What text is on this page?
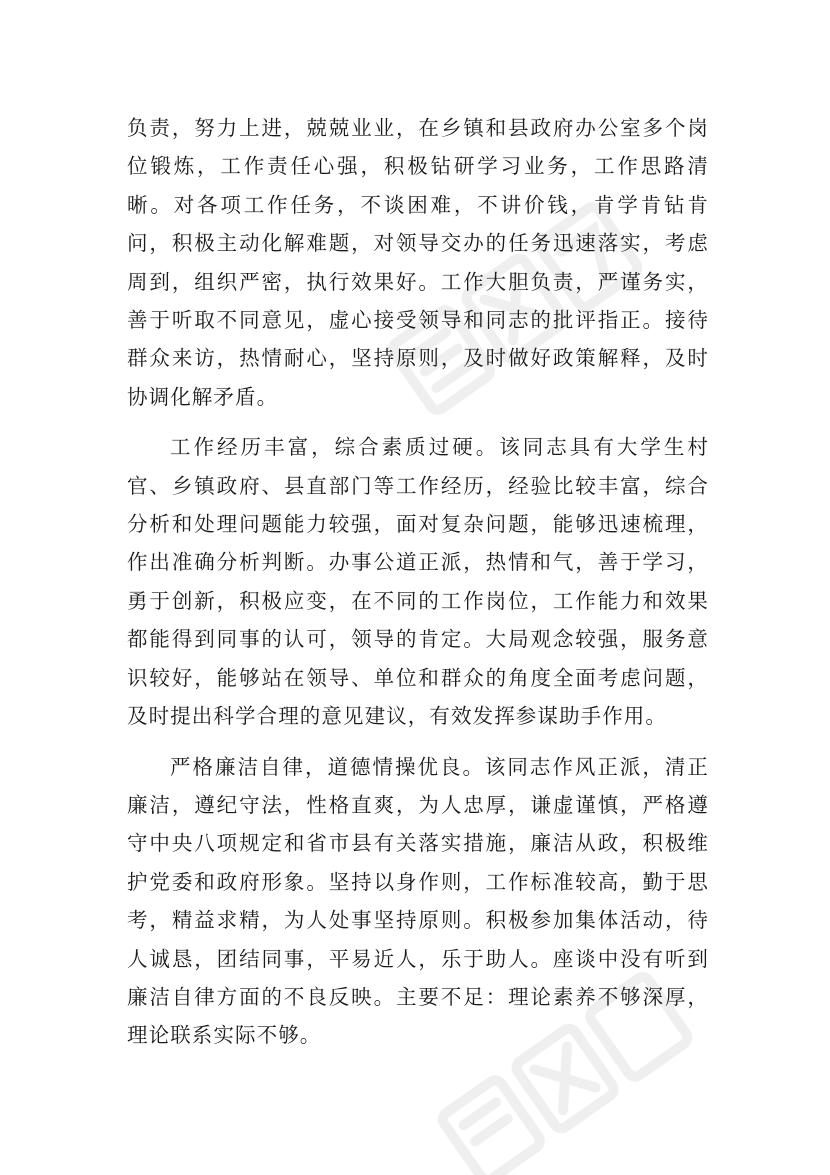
负责，努力上进，兢兢业业，在乡镇和县政府办公室多个岗位锻炼，工作责任心强，积极钻研学习业务，工作思路清晰。对各项工作任务，不谈困难，不讲价钱，肯学肯钻肯问，积极主动化解难题，对领导交办的任务迅速落实，考虑周到，组织严密，执行效果好。工作大胆负责，严谨务实，善于听取不同意见，虚心接受领导和同志的批评指正。接待群众来访，热情耐心，坚持原则，及时做好政策解释，及时协调化解矛盾。

工作经历丰富，综合素质过硬。该同志具有大学生村官、乡镇政府、县直部门等工作经历，经验比较丰富，综合分析和处理问题能力较强，面对复杂问题，能够迅速梳理，作出准确分析判断。办事公道正派，热情和气，善于学习，勇于创新，积极应变，在不同的工作岗位，工作能力和效果都能得到同事的认可，领导的肯定。大局观念较强，服务意识较好，能够站在领导、单位和群众的角度全面考虑问题，及时提出科学合理的意见建议，有效发挥参谋助手作用。

严格廉洁自律，道德情操优良。该同志作风正派，清正廉洁，遵纪守法，性格直爽，为人忠厚，谦虚谨慎，严格遵守中央八项规定和省市县有关落实措施，廉洁从政，积极维护党委和政府形象。坚持以身作则，工作标准较高，勤于思考，精益求精，为人处事坚持原则。积极参加集体活动，待人诚恳，团结同事，平易近人，乐于助人。座谈中没有听到廉洁自律方面的不良反映。主要不足：理论素养不够深厚，理论联系实际不够。
